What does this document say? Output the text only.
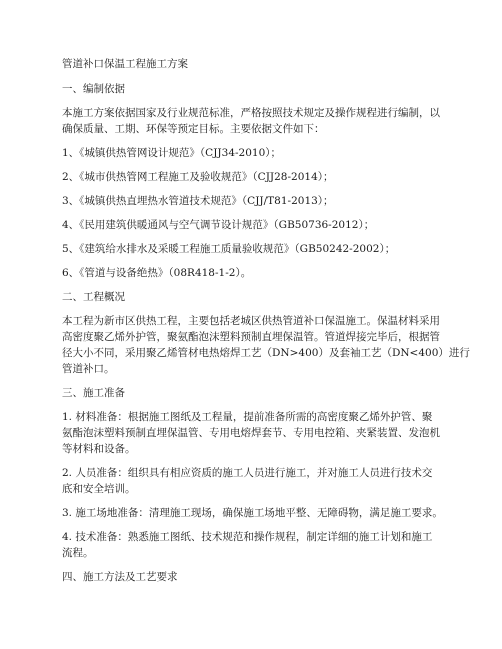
管道补口保温工程施工方案
一、编制依据
本施工方案依据国家及行业规范标准，严格按照技术规定及操作规程进行编制，以
确保质量、工期、环保等预定目标。主要依据文件如下：
1、《城镇供热管网设计规范》（CJJ34-2010）；
2、《城市供热管网工程施工及验收规范》（CJJ28-2014）；
3、《城镇供热直埋热水管道技术规范》（CJJ/T81-2013）；
4、《民用建筑供暖通风与空气调节设计规范》（GB50736-2012）；
5、《建筑给水排水及采暖工程施工质量验收规范》（GB50242-2002）；
6、《管道与设备绝热》（08R418-1-2）。
二、工程概况
本工程为新市区供热工程，主要包括老城区供热管道补口保温施工。保温材料采用
高密度聚乙烯外护管，聚氨酯泡沫塑料预制直埋保温管。管道焊接完毕后，根据管
径大小不同，采用聚乙烯管材电热熔焊工艺（DN>400）及套袖工艺（DN<400）进行
管道补口。
三、施工准备
1. 材料准备：根据施工图纸及工程量，提前准备所需的高密度聚乙烯外护管、聚
氨酯泡沫塑料预制直埋保温管、专用电熔焊套节、专用电控箱、夹紧装置、发泡机
等材料和设备。
2. 人员准备：组织具有相应资质的施工人员进行施工，并对施工人员进行技术交
底和安全培训。
3. 施工场地准备：清理施工现场，确保施工场地平整、无障碍物，满足施工要求。
4. 技术准备：熟悉施工图纸、技术规范和操作规程，制定详细的施工计划和施工
流程。
四、施工方法及工艺要求
